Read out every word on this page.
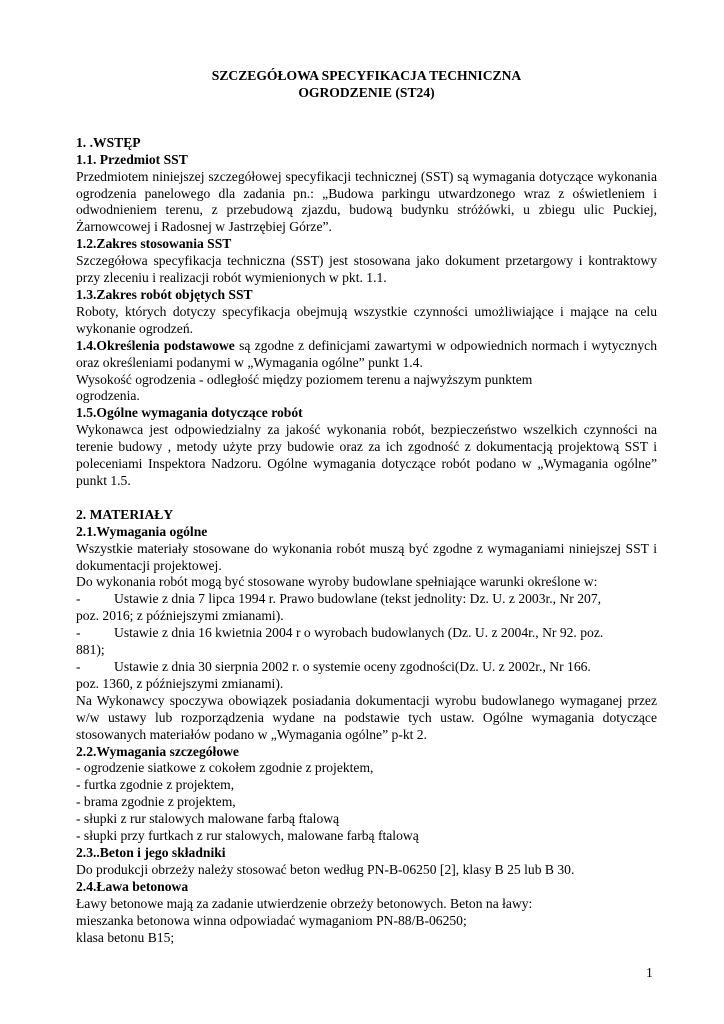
SZCZEGÓŁOWA SPECYFIKACJA TECHNICZNA

OGRODZENIE (ST24)

1. .WSTĘP

1.1. Przedmiot SST

Przedmiotem niniejszej szczegółowej specyfikacji technicznej (SST) są wymagania dotyczące wykonania ogrodzenia panelowego dla zadania pn.: „Budowa parkingu utwardzonego wraz z oświetleniem i odwodnieniem terenu, z przebudową zjazdu, budową budynku stróżówki, u zbiegu ulic Puckiej, Żarnowcowej i Radosnej w Jastrzębiej Górze”.

1.2.Zakres stosowania SST

Szczegółowa specyfikacja techniczna (SST) jest stosowana jako dokument przetargowy i kontraktowy przy zleceniu i realizacji robót wymienionych w pkt. 1.1.

1.3.Zakres robót objętych SST

Roboty, których dotyczy specyfikacja obejmują wszystkie czynności umożliwiające i mające na celu wykonanie ogrodzeń.

1.4.Określenia podstawowe są zgodne z definicjami zawartymi w odpowiednich normach i wytycznych oraz określeniami podanymi w „Wymagania ogólne” punkt 1.4.

Wysokość ogrodzenia - odległość między poziomem terenu a najwyższym punktem

ogrodzenia.

1.5.Ogólne wymagania dotyczące robót

Wykonawca jest odpowiedzialny za jakość wykonania robót, bezpieczeństwo wszelkich czynności na terenie budowy , metody użyte przy budowie oraz za ich zgodność z dokumentacją projektową SST i poleceniami Inspektora Nadzoru. Ogólne wymagania dotyczące robót podano w „Wymagania ogólne” punkt 1.5.

2. MATERIAŁY

2.1.Wymagania ogólne

Wszystkie materiały stosowane do wykonania robót muszą być zgodne z wymaganiami niniejszej SST i dokumentacji projektowej.

Do wykonania robót mogą być stosowane wyroby budowlane spełniające warunki określone w:

-	Ustawie z dnia 7 lipca 1994 r. Prawo budowlane (tekst jednolity: Dz. U. z 2003r., Nr 207,

poz. 2016; z późniejszymi zmianami).

-	Ustawie z dnia 16 kwietnia 2004 r o wyrobach budowlanych (Dz. U. z 2004r., Nr 92. poz.

881);

-	Ustawie z dnia 30 sierpnia 2002 r. o systemie oceny zgodności(Dz. U. z 2002r., Nr 166.

poz. 1360, z późniejszymi zmianami).

Na Wykonawcy spoczywa obowiązek posiadania dokumentacji wyrobu budowlanego wymaganej przez w/w ustawy lub rozporządzenia wydane na podstawie tych ustaw. Ogólne wymagania dotyczące stosowanych materiałów podano w „Wymagania ogólne” p-kt 2.

2.2.Wymagania szczegółowe

- ogrodzenie siatkowe z cokołem zgodnie z projektem,
- furtka zgodnie z projektem,
- brama zgodnie z projektem,
- słupki z rur stalowych malowane farbą ftalową
- słupki przy furtkach z rur stalowych, malowane farbą ftalową

2.3..Beton i jego składniki

Do produkcji obrzeży należy stosować beton według PN-B-06250 [2], klasy B 25 lub B 30.

2.4.Ława betonowa

Ławy betonowe mają za zadanie utwierdzenie obrzeży betonowych. Beton na ławy:

mieszanka betonowa winna odpowiadać wymaganiom PN-88/B-06250;

klasa betonu B15;

1
